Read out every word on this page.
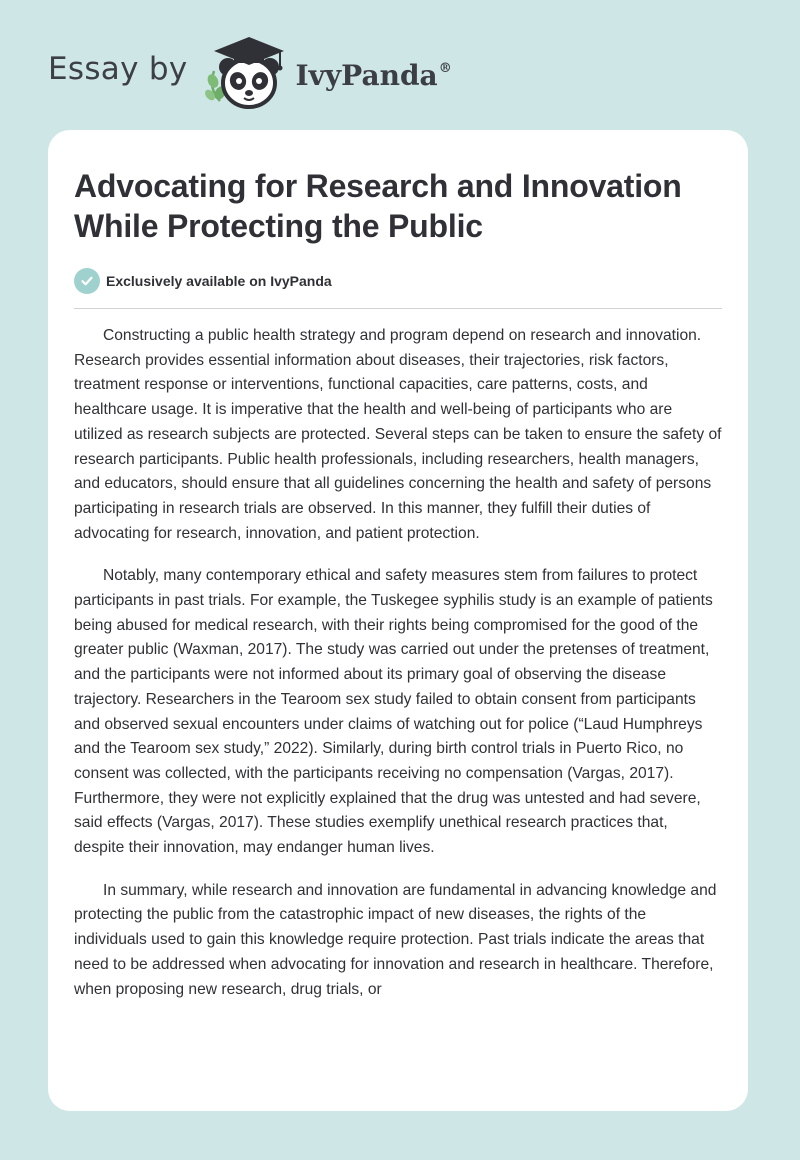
Essay by	IvyPanda®
Advocating for Research and Innovation While Protecting the Public
Exclusively available on IvyPanda

Constructing a public health strategy and program depend on research and innovation. Research provides essential information about diseases, their trajectories, risk factors, treatment response or interventions, functional capacities, care patterns, costs, and healthcare usage. It is imperative that the health and well-being of participants who are utilized as research subjects are protected. Several steps can be taken to ensure the safety of research participants. Public health professionals, including researchers, health managers, and educators, should ensure that all guidelines concerning the health and safety of persons participating in research trials are observed. In this manner, they fulfill their duties of advocating for research, innovation, and patient protection.

Notably, many contemporary ethical and safety measures stem from failures to protect participants in past trials. For example, the Tuskegee syphilis study is an example of patients being abused for medical research, with their rights being compromised for the good of the greater public (Waxman, 2017). The study was carried out under the pretenses of treatment, and the participants were not informed about its primary goal of observing the disease trajectory. Researchers in the Tearoom sex study failed to obtain consent from participants and observed sexual encounters under claims of watching out for police (“Laud Humphreys and the Tearoom sex study,” 2022). Similarly, during birth control trials in Puerto Rico, no consent was collected, with the participants receiving no compensation (Vargas, 2017). Furthermore, they were not explicitly explained that the drug was untested and had severe, said effects (Vargas, 2017). These studies exemplify unethical research practices that, despite their innovation, may endanger human lives.

In summary, while research and innovation are fundamental in advancing knowledge and protecting the public from the catastrophic impact of new diseases, the rights of the individuals used to gain this knowledge require protection. Past trials indicate the areas that need to be addressed when advocating for innovation and research in healthcare. Therefore, when proposing new research, drug trials, or
